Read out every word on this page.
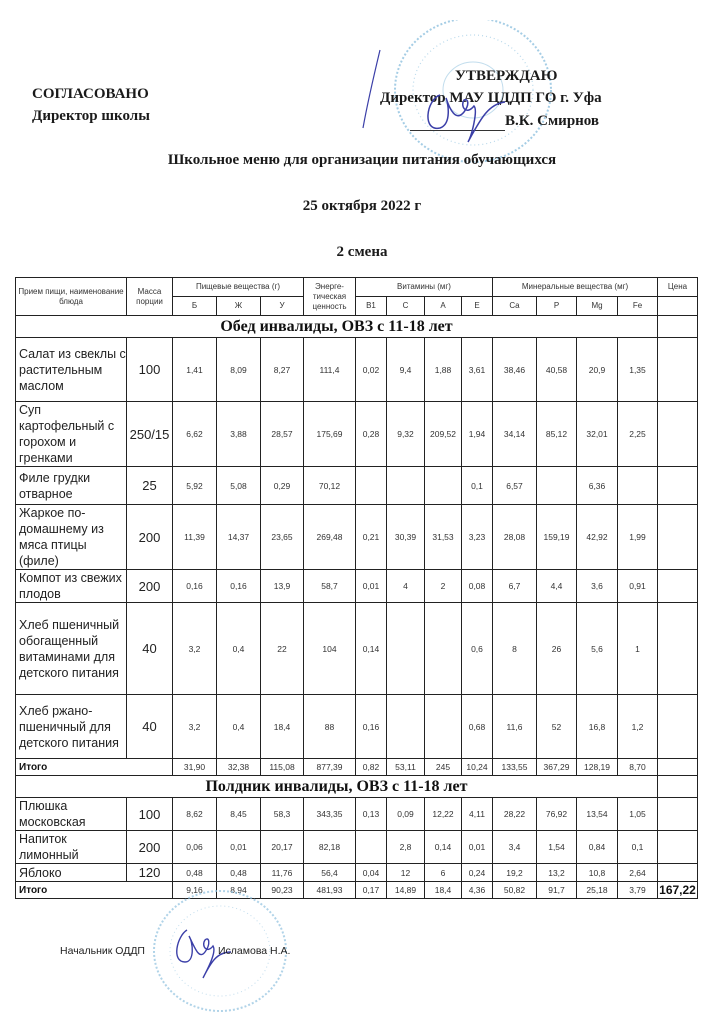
СОГЛАСОВАНО
Директор школы
УТВЕРЖДАЮ
Директор МАУ ЦДДП ГО г. Уфа
В.К. Смирнов
Школьное меню для организации питания обучающихся
25 октября 2022 г
2 смена
Прием пищи, наименование блюда	Масса порции	Пищевые вещества (г)			Энерге-тическая ценность	Витамины (мг)				Минеральные вещества (мг)				Цена
		Б	Ж	У		В1	С	А	Е	Ca	P	Mg	Fe	
Обед инвалиды, ОВЗ с 11-18 лет														
Салат из свеклы с растительным маслом	100	1,41	8,09	8,27	111,4	0,02	9,4	1,88	3,61	38,46	40,58	20,9	1,35	
Суп картофельный с горохом и гренками	250/15	6,62	3,88	28,57	175,69	0,28	9,32	209,52	1,94	34,14	85,12	32,01	2,25	
Филе грудки отварное	25	5,92	5,08	0,29	70,12				0,1	6,57		6,36		
Жаркое по-домашнему из мяса птицы (филе)	200	11,39	14,37	23,65	269,48	0,21	30,39	31,53	3,23	28,08	159,19	42,92	1,99	
Компот из свежих плодов	200	0,16	0,16	13,9	58,7	0,01	4	2	0,08	6,7	4,4	3,6	0,91	
Хлеб пшеничный обогащенный витаминами для детского питания	40	3,2	0,4	22	104	0,14			0,6	8	26	5,6	1	
Хлеб ржано-пшеничный для детского питания	40	3,2	0,4	18,4	88	0,16			0,68	11,6	52	16,8	1,2	
Итого		31,90	32,38	115,08	877,39	0,82	53,11	245	10,24	133,55	367,29	128,19	8,70	
Полдник инвалиды, ОВЗ с 11-18 лет														
Плюшка московская	100	8,62	8,45	58,3	343,35	0,13	0,09	12,22	4,11	28,22	76,92	13,54	1,05	
Напиток лимонный	200	0,06	0,01	20,17	82,18		2,8	0,14	0,01	3,4	1,54	0,84	0,1	
Яблоко	120	0,48	0,48	11,76	56,4	0,04	12	6	0,24	19,2	13,2	10,8	2,64	
Итого		9,16	8,94	90,23	481,93	0,17	14,89	18,4	4,36	50,82	91,7	25,18	3,79	167,22
Начальник ОДДП	Исламова Н.А.
